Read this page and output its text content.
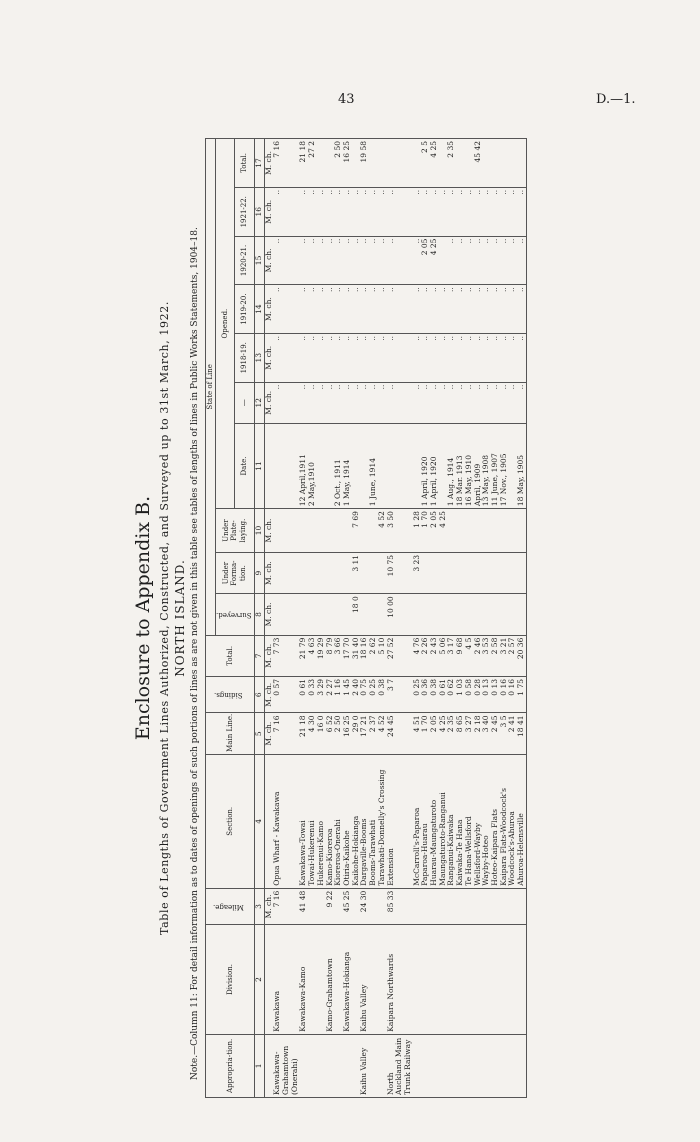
43	D.—1.
Enclosure to Appendix B. Table of Lengths of Government Lines Authorized, Constructed, and Surveyed up to 31st March, 1922. NORTH ISLAND. Note.—Column 11: For detail information as to dates of openings of such portions of lines as are not given in this table see tables of lengths of lines in Public Works Statements, 1904–18.	Appropria-tion.	Division.	Mileage.	Section.	Main Line.	Sidings.	Total.	State of Line									
							Surveyed.	Under Forma-tion.	Under Plate-laying.	Opened.						
										Date.	—	1918-19.	1919-20.	1920-21.	1921-22.	Total.
1	2	3	4	5	6	7	8	9	10	11	12	13	14	15	16	17
		M. ch.		M. ch.	M. ch.	M. ch.	M. ch.	M. ch.	M. ch.		M. ch.	M. ch.	M. ch.	M. ch.	M. ch.	M. ch.
Kawakawa-Grahamtown (Onerahi)	Kawakawa	7 16	Opua Wharf - Kawakawa	7 16	0 57	7 73					..	..	..	..	..	7 16
	Kawakawa-Kamo	41 48	Kawakawa-Towai	21 18	0 61	21 79				12 April,1911	..	..	..	..	..	21 18
			Towai-Hukerenui	4 30	0 33	4 63				2 May,1910	..	..	..	..	..	27 2
			Hukerenui-Kamo	16 0	3 29	19 29					..	..	..	..	..	
	Kamo-Grahamtown	9 22	Kamo-Kioreroa	6 52	2 27	8 79					..	..	..	..	..	
			Kioreroa-Onerahi	2 50	1 16	3 66				2 Oct., 1911	..	..	..	..	..	2 50
	Kawakawa-Hokianga	45 25	Otiria-Kaikohe	16 25	1 45	17 70				1 May, 1914	..	..	..	..	..	16 25
			Kaikohe-Hokianga	29 0	2 40	31 40	18 0	3 11	7 69		..	..	..	..	..	
Kaihu Valley	Kaihu Valley	24 30	Dargaville-Booms	17 21	0 75	18 16					..	..	..	..	..	19 58
			Booms-Tarawhati	2 37	0 25	2 62				1 June, 1914	..	..	..	..	..	
			Tarawhati-Donnelly's Crossing	4 52	0 38	5 10			4 52		..	..	..	..	..	
North Auckland Main Trunk Railway	Kaipara Northwards	85 33	Extension	24 45	3 7	27 52	10 00	10 75	3 50		..	..	..	..	..	
			McCarroll's-Paparoa	4 51	0 25	4 76		3 23	1 28		..	..	..	..	..	
			Paparoa-Huarau	1 70	0 36	2 26			1 70	1 April, 1920	..	..	..	2 05	..	2 5
			Huarau-Maungaturoto	2 05	0 38	2 43			2 05	1 April, 1920	..	..	..	4 25	..	4 25
			Maungaturoto-Ranganui	4 25	0 61	5 06			4 25		..	..	..		..	
			Ranganui-Kaiwaka	2 35	0 62	3 17				1 Aug., 1914	..	..	..	..	..	2 35
			Kaiwaka-Te Hana	8 65	1 03	9 68				18 Mar. 1913	..	..	..	..	..	
			Te Hana-Wellsford	3 27	0 58	4 5				16 May, 1910	..	..	..	..	..	
			Wellsford-Wayby	2 18	0 28	2 46				April, 1909	..	..	..	..	..	45 42
			Wayby-Hoteo	3 40	0 13	3 53				13 May, 1908	..	..	..	..	..	
			Hoteo-Kaipara Flats	2 45	0 13	2 58				11 June, 1907	..	..	..	..	..	
			Kaipara Flats-Woodcock's	3 5	0 16	3 21				17 Nov., 1905	..	..	..	..	..	
			Woodcock's-Ahuroa	2 41	0 16	2 57					..	..	..	..	..	
			Ahuroa-Helensville	18 41	1 75	20 36				18 May, 1905	..	..	..	..	..	
